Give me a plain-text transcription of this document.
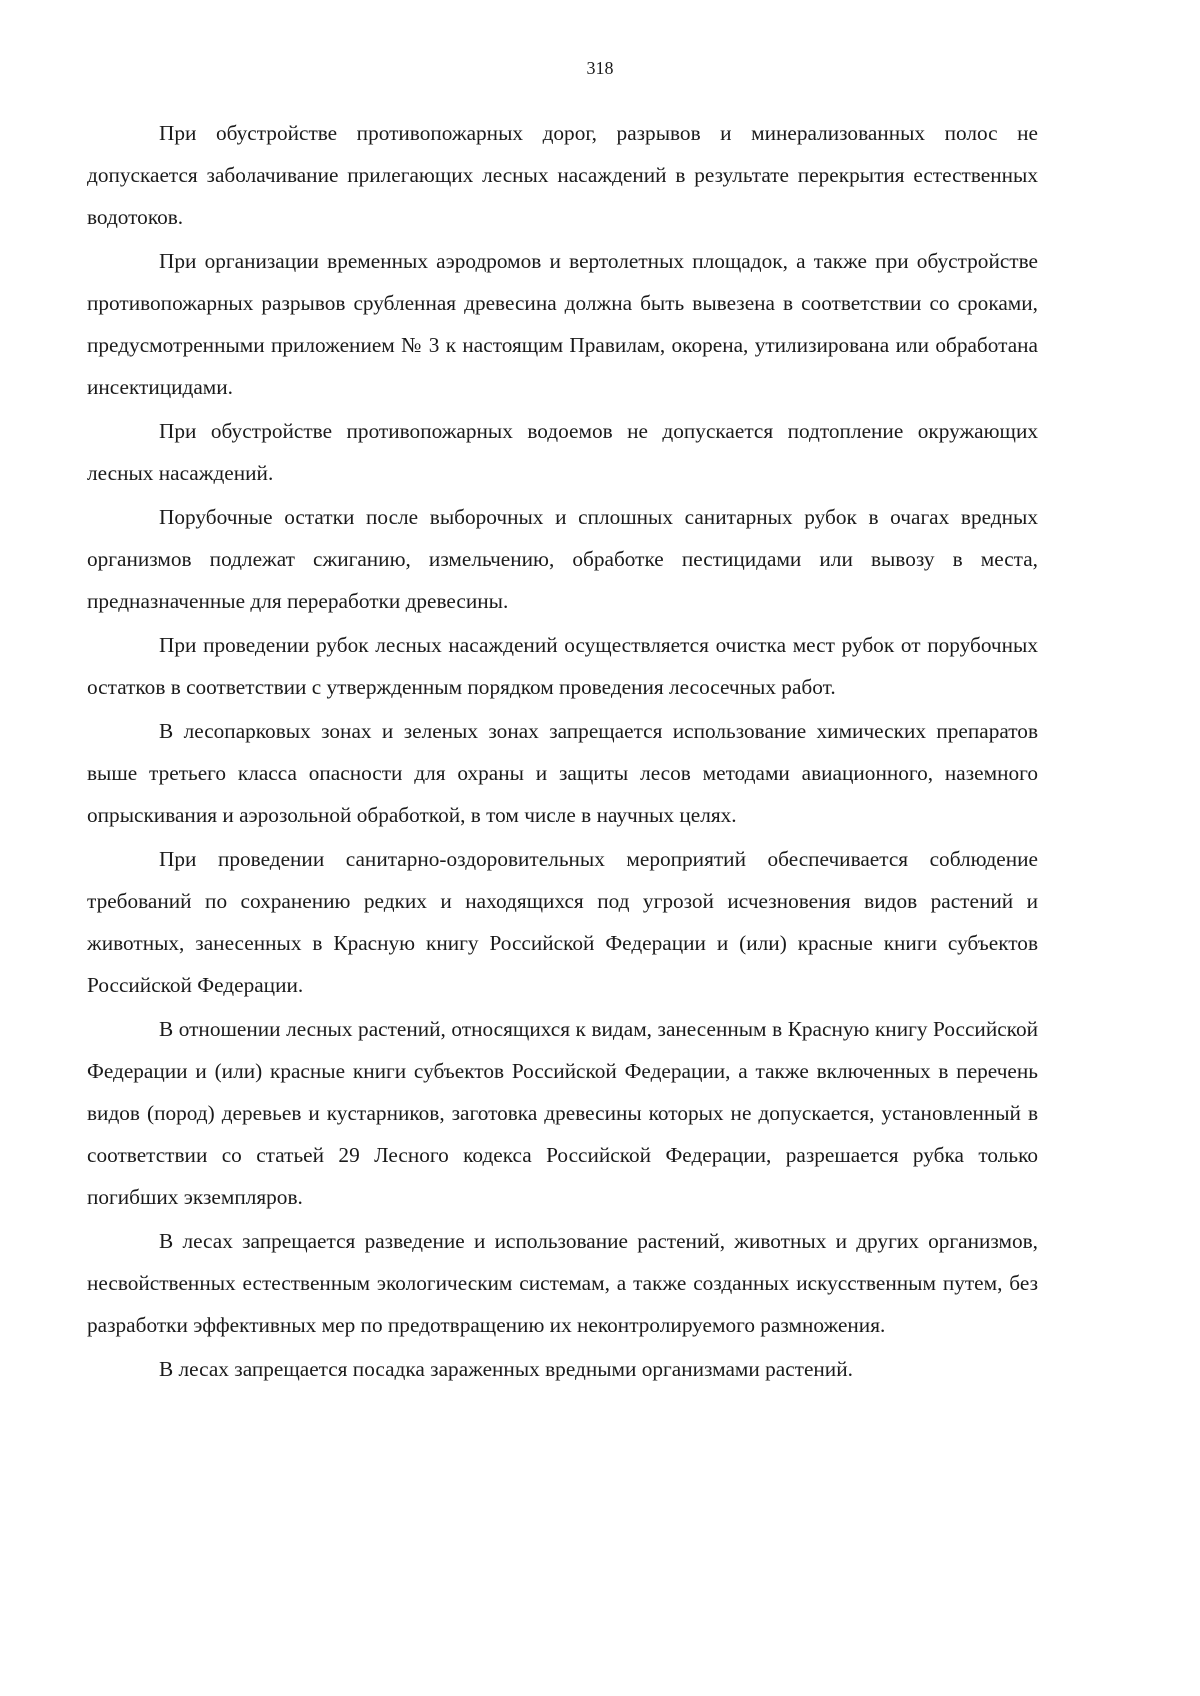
318

При обустройстве противопожарных дорог, разрывов и минерализованных полос не допускается заболачивание прилегающих лесных насаждений в результате перекрытия естественных водотоков.

При организации временных аэродромов и вертолетных площадок, а также при обустройстве противопожарных разрывов срубленная древесина должна быть вывезена в соответствии со сроками, предусмотренными приложением № 3 к настоящим Правилам, окорена, утилизирована или обработана инсектицидами.

При обустройстве противопожарных водоемов не допускается подтопление окружающих лесных насаждений.

Порубочные остатки после выборочных и сплошных санитарных рубок в очагах вредных организмов подлежат сжиганию, измельчению, обработке пестицидами или вывозу в места, предназначенные для переработки древесины.

При проведении рубок лесных насаждений осуществляется очистка мест рубок от порубочных остатков в соответствии с утвержденным порядком проведения лесосечных работ.

В лесопарковых зонах и зеленых зонах запрещается использование химических препаратов выше третьего класса опасности для охраны и защиты лесов методами авиационного, наземного опрыскивания и аэрозольной обработкой, в том числе в научных целях.

При проведении санитарно-оздоровительных мероприятий обеспечивается соблюдение требований по сохранению редких и находящихся под угрозой исчезновения видов растений и животных, занесенных в Красную книгу Российской Федерации и (или) красные книги субъектов Российской Федерации.

В отношении лесных растений, относящихся к видам, занесенным в Красную книгу Российской Федерации и (или) красные книги субъектов Российской Федерации, а также включенных в перечень видов (пород) деревьев и кустарников, заготовка древесины которых не допускается, установленный в соответствии со статьей 29 Лесного кодекса Российской Федерации, разрешается рубка только погибших экземпляров.

В лесах запрещается разведение и использование растений, животных и других организмов, несвойственных естественным экологическим системам, а также созданных искусственным путем, без разработки эффективных мер по предотвращению их неконтролируемого размножения.

В лесах запрещается посадка зараженных вредными организмами растений.
